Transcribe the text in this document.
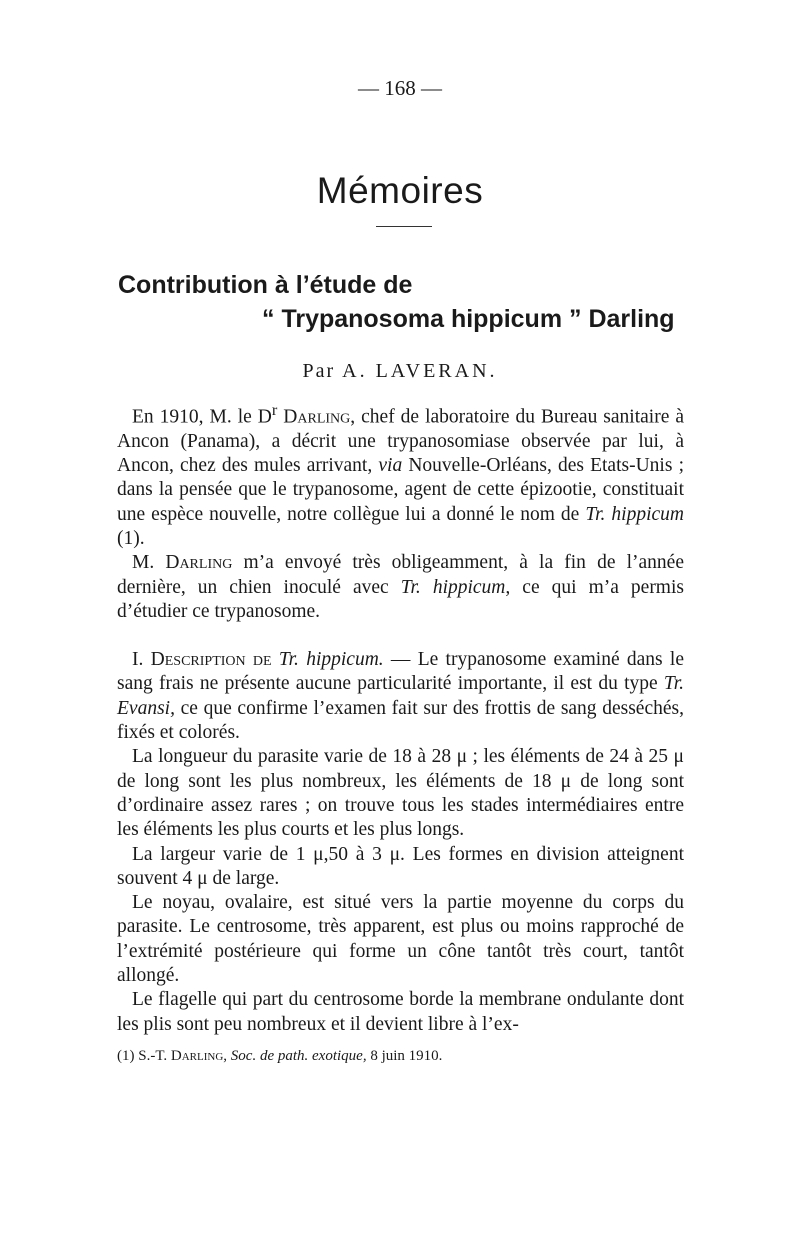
— 168 —
Mémoires
Contribution à l’étude de
“ Trypanosoma hippicum ” Darling
Par A. LAVERAN.

En 1910, M. le $D^r$ Darling, chef de laboratoire du Bureau sanitaire à Ancon (Panama), a décrit une trypanosomiase observée par lui, à Ancon, chez des mules arrivant, via Nouvelle-Orléans, des Etats-Unis ; dans la pensée que le trypanosome, agent de cette épizootie, constituait une espèce nouvelle, notre collègue lui a donné le nom de Tr. hippicum (1).

M. Darling m’a envoyé très obligeamment, à la fin de l’année dernière, un chien inoculé avec Tr. hippicum, ce qui m’a permis d’étudier ce trypanosome.

I. Description de Tr. hippicum. — Le trypanosome examiné dans le sang frais ne présente aucune particularité importante, il est du type Tr. Evansi, ce que confirme l’examen fait sur des frottis de sang desséchés, fixés et colorés.

La longueur du parasite varie de 18 à 28 μ ; les éléments de 24 à 25 μ de long sont les plus nombreux, les éléments de 18 μ de long sont d’ordinaire assez rares ; on trouve tous les stades intermédiaires entre les éléments les plus courts et les plus longs.

La largeur varie de 1 μ,50 à 3 μ. Les formes en division atteignent souvent 4 μ de large.

Le noyau, ovalaire, est situé vers la partie moyenne du corps du parasite. Le centrosome, très apparent, est plus ou moins rapproché de l’extrémité postérieure qui forme un cône tantôt très court, tantôt allongé.

Le flagelle qui part du centrosome borde la membrane ondulante dont les plis sont peu nombreux et il devient libre à l’ex-

(1) S.-T. Darling, Soc. de path. exotique, 8 juin 1910.
